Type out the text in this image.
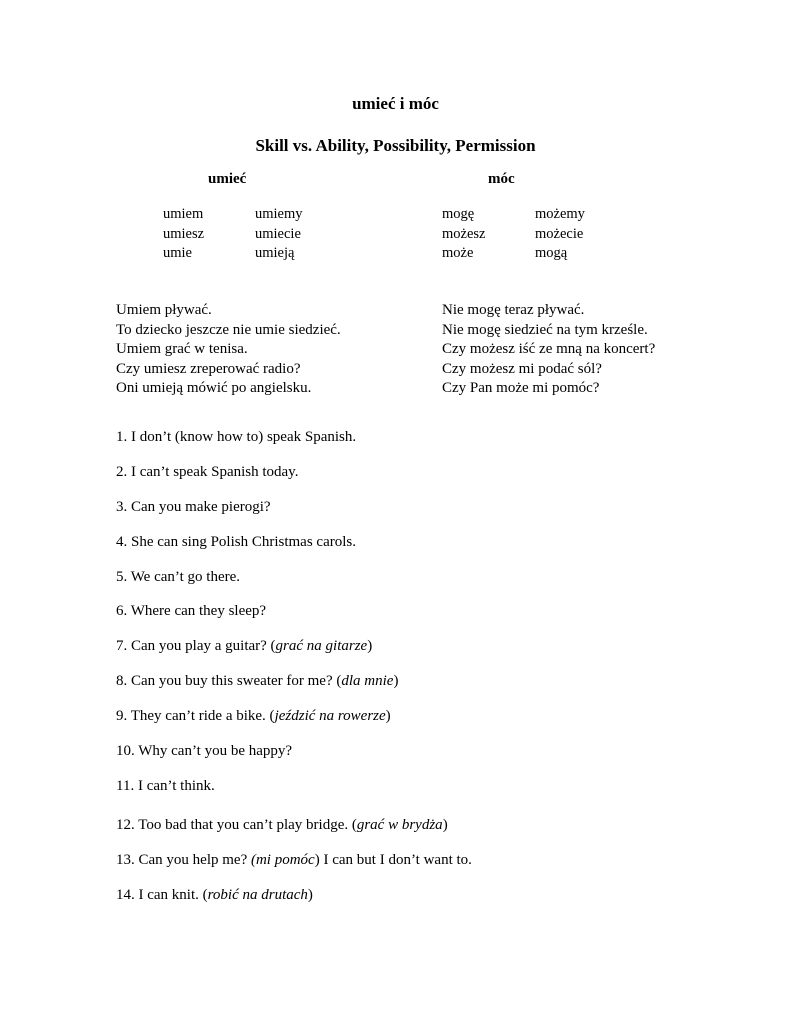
umieć i móc
Skill vs. Ability, Possibility, Permission
umieć	móc
umiem
umiesz
umie
umiemy
umiecie
umieją
mogę
możesz
może
możemy
możecie
mogą
Umiem pływać.
To dziecko jeszcze nie umie siedzieć.
Umiem grać w tenisa.
Czy umiesz zreperować radio?
Oni umieją mówić po angielsku.
Nie mogę teraz pływać.
Nie mogę siedzieć na tym krześle.
Czy możesz iść ze mną na koncert?
Czy możesz mi podać sól?
Czy Pan może mi pomóc?
1. I don’t (know how to) speak Spanish.
2. I can’t speak Spanish today.
3. Can you make pierogi?
4. She can sing Polish Christmas carols.
5. We can’t go there.
6. Where can they sleep?
7. Can you play a guitar? (grać na gitarze)
8. Can you buy this sweater for me? (dla mnie)
9. They can’t ride a bike. (jeździć na rowerze)
10. Why can’t you be happy?
11. I can’t think.
12. Too bad that you can’t play bridge. (grać w brydża)
13. Can you help me? (mi pomóc) I can but I don’t want to.
14. I can knit. (robić na drutach)
